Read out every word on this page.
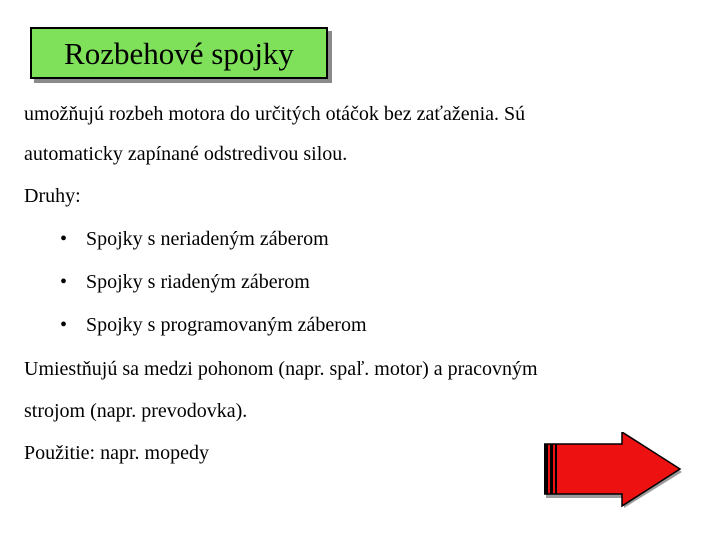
Rozbehové spojky
umožňujú rozbeh motora do určitých otáčok bez zaťaženia. Sú
automaticky zapínané odstredivou silou.
Druhy:
• Spojky s neriadeným záberom
• Spojky s riadeným záberom
• Spojky s programovaným záberom
Umiestňujú sa medzi pohonom (napr. spaľ. motor) a pracovným
strojom (napr. prevodovka).
Použitie: napr. mopedy
